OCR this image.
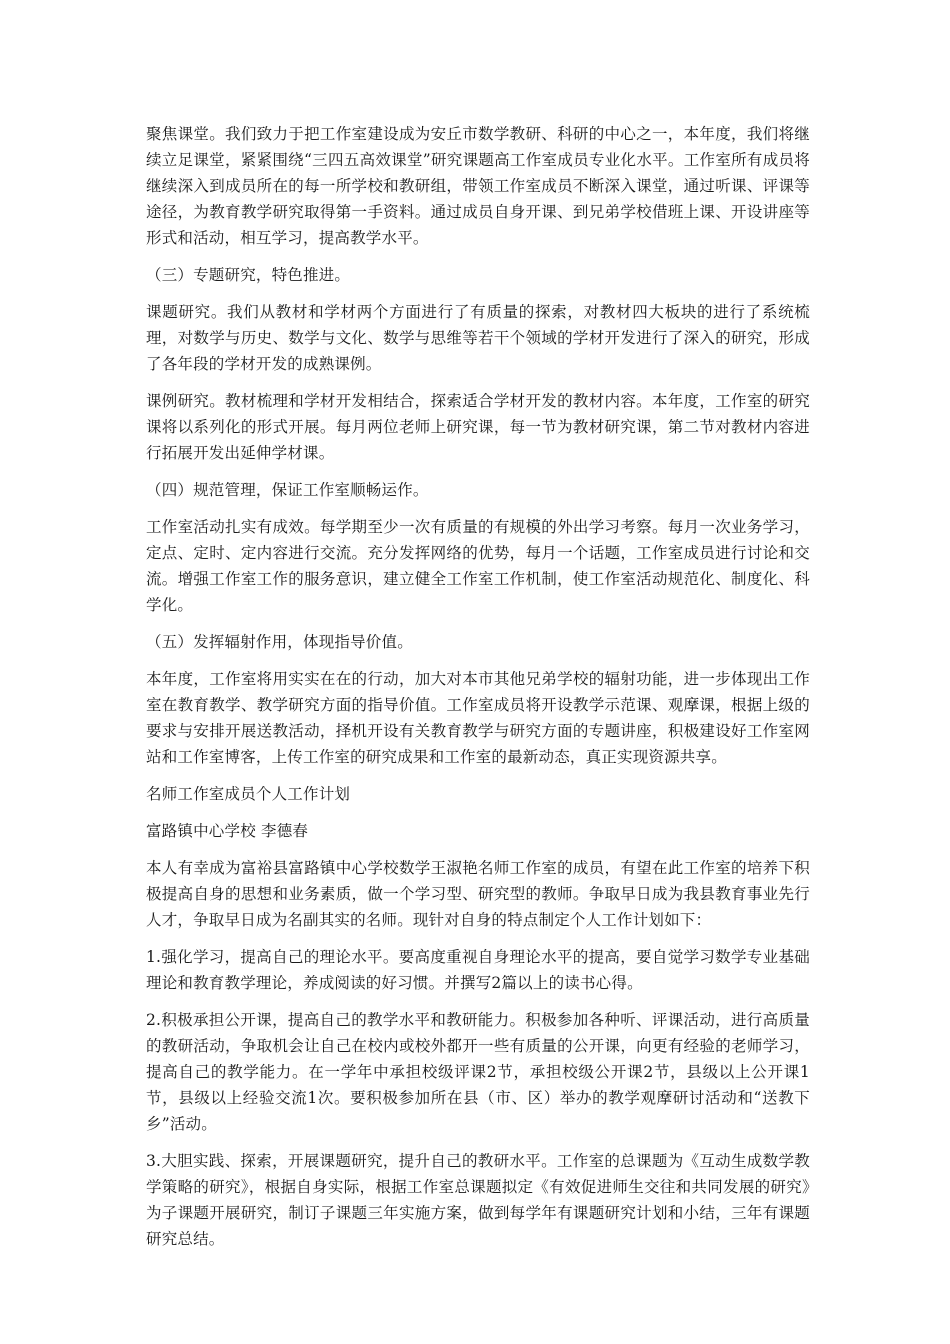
聚焦课堂。我们致力于把工作室建设成为安丘市数学教研、科研的中心之一，本年度，我们将继续立足课堂，紧紧围绕“三四五高效课堂”研究课题高工作室成员专业化水平。工作室所有成员将继续深入到成员所在的每一所学校和教研组，带领工作室成员不断深入课堂，通过听课、评课等途径，为教育教学研究取得第一手资料。通过成员自身开课、到兄弟学校借班上课、开设讲座等形式和活动，相互学习，提高教学水平。

（三）专题研究，特色推进。

课题研究。我们从教材和学材两个方面进行了有质量的探索，对教材四大板块的进行了系统梳理，对数学与历史、数学与文化、数学与思维等若干个领域的学材开发进行了深入的研究，形成了各年段的学材开发的成熟课例。

课例研究。教材梳理和学材开发相结合，探索适合学材开发的教材内容。本年度，工作室的研究课将以系列化的形式开展。每月两位老师上研究课，每一节为教材研究课，第二节对教材内容进行拓展开发出延伸学材课。

（四）规范管理，保证工作室顺畅运作。

工作室活动扎实有成效。每学期至少一次有质量的有规模的外出学习考察。每月一次业务学习，定点、定时、定内容进行交流。充分发挥网络的优势，每月一个话题，工作室成员进行讨论和交流。增强工作室工作的服务意识，建立健全工作室工作机制，使工作室活动规范化、制度化、科学化。

（五）发挥辐射作用，体现指导价值。

本年度，工作室将用实实在在的行动，加大对本市其他兄弟学校的辐射功能，进一步体现出工作室在教育教学、教学研究方面的指导价值。工作室成员将开设教学示范课、观摩课，根据上级的要求与安排开展送教活动，择机开设有关教育教学与研究方面的专题讲座，积极建设好工作室网站和工作室博客，上传工作室的研究成果和工作室的最新动态，真正实现资源共享。

名师工作室成员个人工作计划

富路镇中心学校 李德春

本人有幸成为富裕县富路镇中心学校数学王淑艳名师工作室的成员，有望在此工作室的培养下积极提高自身的思想和业务素质，做一个学习型、研究型的教师。争取早日成为我县教育事业先行人才，争取早日成为名副其实的名师。现针对自身的特点制定个人工作计划如下：

1.强化学习，提高自己的理论水平。要高度重视自身理论水平的提高，要自觉学习数学专业基础理论和教育教学理论，养成阅读的好习惯。并撰写2篇以上的读书心得。

2.积极承担公开课，提高自己的教学水平和教研能力。积极参加各种听、评课活动，进行高质量的教研活动，争取机会让自己在校内或校外都开一些有质量的公开课，向更有经验的老师学习，提高自己的教学能力。在一学年中承担校级评课2节，承担校级公开课2节，县级以上公开课1节，县级以上经验交流1次。要积极参加所在县（市、区）举办的教学观摩研讨活动和“送教下乡”活动。

3.大胆实践、探索，开展课题研究，提升自己的教研水平。工作室的总课题为《互动生成数学教学策略的研究》，根据自身实际，根据工作室总课题拟定《有效促进师生交往和共同发展的研究》为子课题开展研究，制订子课题三年实施方案，做到每学年有课题研究计划和小结，三年有课题研究总结。
